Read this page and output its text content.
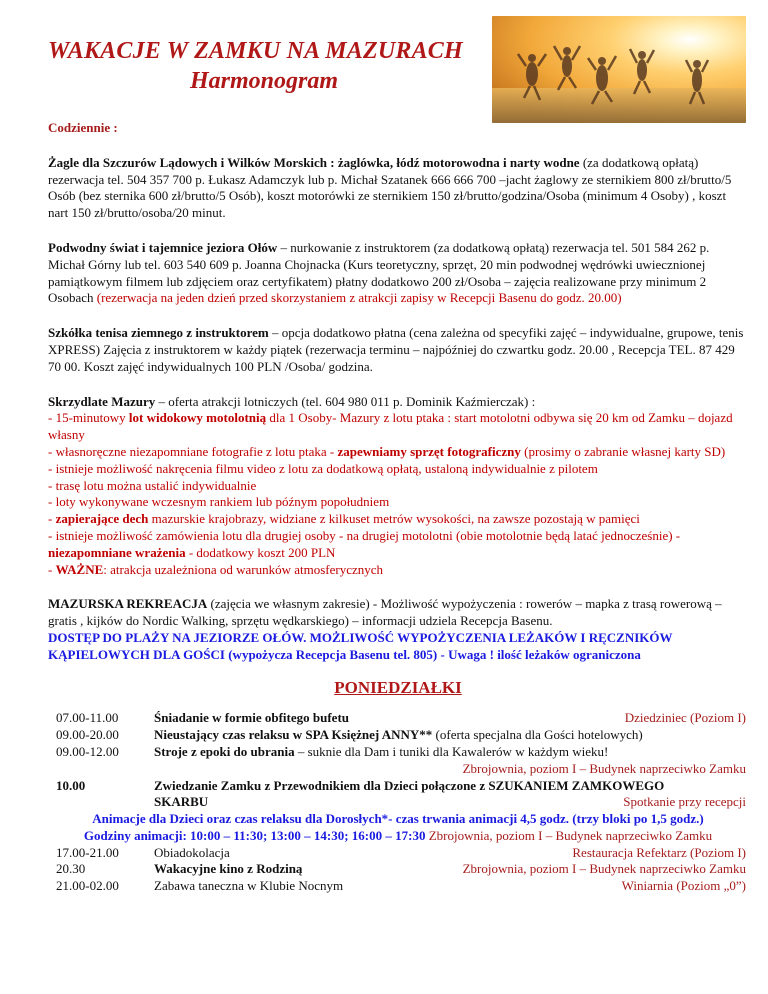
WAKACJE W ZAMKU NA MAZURACH
Harmonogram

Codziennie :

Żagle dla Szczurów Lądowych i Wilków Morskich : żaglówka, łódź motorowodna i narty wodne (za dodatkową opłatą) rezerwacja tel. 504 357 700 p. Łukasz Adamczyk lub p. Michał Szatanek 666 666 700 –jacht żaglowy ze sternikiem 800 zł/brutto/5 Osób (bez sternika 600 zł/brutto/5 Osób), koszt motorówki ze sternikiem 150 zł/brutto/godzina/Osoba (minimum 4 Osoby) , koszt nart 150 zł/brutto/osoba/20 minut.

Podwodny świat i tajemnice jeziora Ołów – nurkowanie z instruktorem (za dodatkową opłatą) rezerwacja tel. 501 584 262 p. Michał Górny lub tel. 603 540 609 p. Joanna Chojnacka (Kurs teoretyczny, sprzęt, 20 min podwodnej wędrówki uwiecznionej pamiątkowym filmem lub zdjęciem oraz certyfikatem) płatny dodatkowo 200 zł/Osoba – zajęcia realizowane przy minimum 2 Osobach (rezerwacja na jeden dzień przed skorzystaniem z atrakcji zapisy w Recepcji Basenu do godz. 20.00)

Szkółka tenisa ziemnego z instruktorem – opcja dodatkowo płatna (cena zależna od specyfiki zajęć – indywidualne, grupowe, tenis XPRESS) Zajęcia z instruktorem w każdy piątek (rezerwacja terminu – najpóźniej do czwartku godz. 20.00 , Recepcja TEL. 87 429 70 00. Koszt zajęć indywidualnych 100 PLN /Osoba/ godzina.

Skrzydlate Mazury – oferta atrakcji lotniczych (tel. 604 980 011 p. Dominik Kaźmierczak) :

- 15-minutowy lot widokowy motolotnią dla 1 Osoby- Mazury z lotu ptaka : start motolotni odbywa się 20 km od Zamku – dojazd własny

- własnoręczne niezapomniane fotografie z lotu ptaka - zapewniamy sprzęt fotograficzny (prosimy o zabranie własnej karty SD)

- istnieje możliwość nakręcenia filmu video z lotu za dodatkową opłatą, ustaloną indywidualnie z pilotem

- trasę lotu można ustalić indywidualnie

- loty wykonywane wczesnym rankiem lub późnym popołudniem

- zapierające dech mazurskie krajobrazy, widziane z kilkuset metrów wysokości, na zawsze pozostają w pamięci

- istnieje możliwość zamówienia lotu dla drugiej osoby - na drugiej motolotni (obie motolotnie będą latać jednocześnie) - niezapomniane wrażenia - dodatkowy koszt 200 PLN

- WAŻNE: atrakcja uzależniona od warunków atmosferycznych

MAZURSKA REKREACJA (zajęcia we własnym zakresie) - Możliwość wypożyczenia : rowerów – mapka z trasą rowerową – gratis , kijków do Nordic Walking, sprzętu wędkarskiego) – informacji udziela Recepcja Basenu.

DOSTĘP DO PLAŻY NA JEZIORZE OŁÓW. MOŻLIWOŚĆ WYPOŻYCZENIA LEŻAKÓW I RĘCZNIKÓW KĄPIELOWYCH DLA GOŚCI (wypożycza Recepcja Basenu tel. 805) - Uwaga ! ilość leżaków ograniczona

PONIEDZIAŁKI
07.00-11.00	Śniadanie w formie obfitego bufetu	Dziedziniec (Poziom I)
09.00-20.00	Nieustający czas relaksu w SPA Księżnej ANNY** (oferta specjalna dla Gości hotelowych)
09.00-12.00	Stroje z epoki do ubrania – suknie dla Dam i tuniki dla Kawalerów w każdym wieku!
Zbrojownia, poziom I – Budynek naprzeciwko Zamku
10.00	Zwiedzanie Zamku z Przewodnikiem dla Dzieci połączone z SZUKANIEM ZAMKOWEGO
SKARBU	Spotkanie przy recepcji

Animacje dla Dzieci oraz czas relaksu dla Dorosłych*- czas trwania animacji 4,5 godz. (trzy bloki po 1,5 godz.)

Godziny animacji: 10:00 – 11:30; 13:00 – 14:30; 16:00 – 17:30 Zbrojownia, poziom I – Budynek naprzeciwko Zamku

17.00-21.00	Obiadokolacja	Restauracja Refektarz (Poziom I)
20.30	Wakacyjne kino z Rodziną	Zbrojownia, poziom I – Budynek naprzeciwko Zamku
21.00-02.00	Zabawa taneczna w Klubie Nocnym	Winiarnia (Poziom „0”)
